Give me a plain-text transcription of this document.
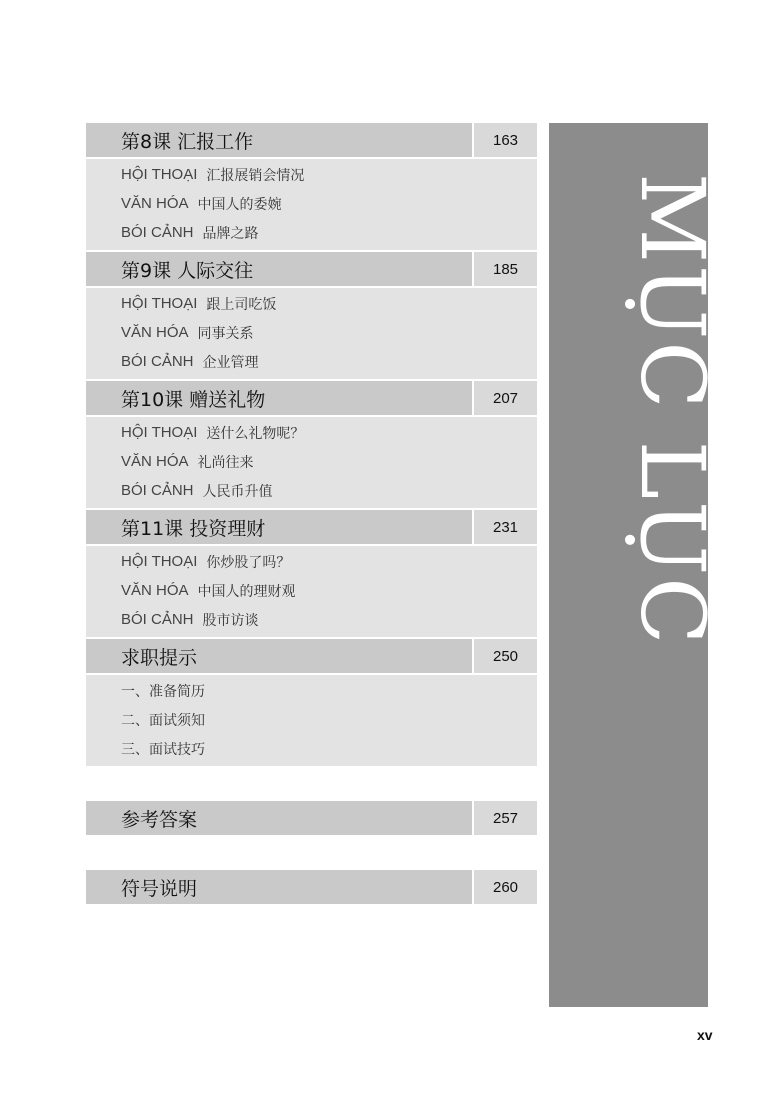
第8课 汇报工作	163
HỘI THOẠI 汇报展销会情况
VĂN HÓA 中国人的委婉
BÓI CẢNH 品牌之路
第9课 人际交往	185
HỘI THOẠI 跟上司吃饭
VĂN HÓA 同事关系
BÓI CẢNH 企业管理
第10课 赠送礼物	207
HỘI THOẠI 送什么礼物呢？
VĂN HÓA 礼尚往来
BÓI CẢNH 人民币升值
第11课 投资理财	231
HỘI THOẠI 你炒股了吗？
VĂN HÓA 中国人的理财观
BÓI CẢNH 股市访谈
求职提示	250
一、准备简历
二、面试须知
三、面试技巧
参考答案	257
符号说明	260
MỤC LỤC
xv
